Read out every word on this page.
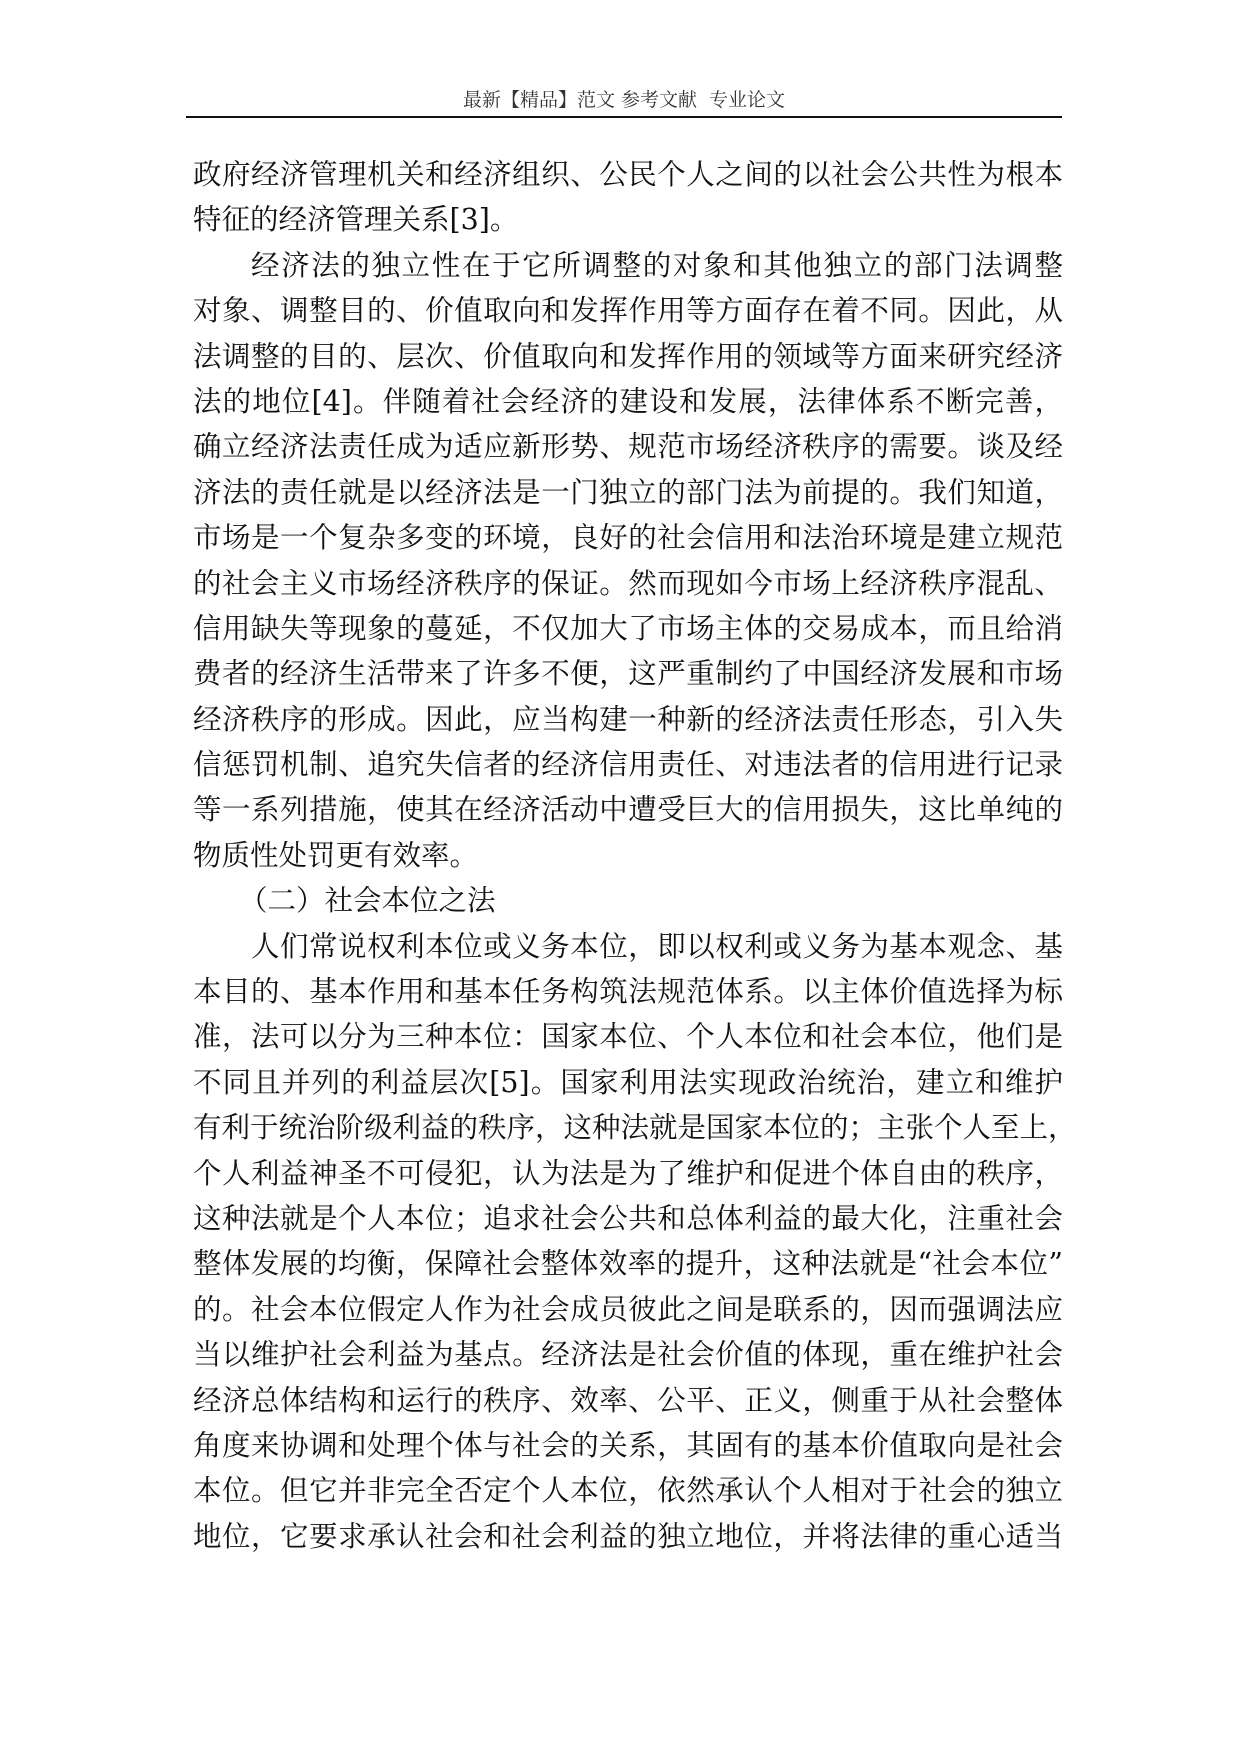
最新【精品】范文 参考文献  专业论文
政府经济管理机关和经济组织、公民个人之间的以社会公共性为根本
特征的经济管理关系[3]。
经济法的独立性在于它所调整的对象和其他独立的部门法调整
对象、调整目的、价值取向和发挥作用等方面存在着不同。因此，从
法调整的目的、层次、价值取向和发挥作用的领域等方面来研究经济
法的地位[4]。伴随着社会经济的建设和发展，法律体系不断完善，
确立经济法责任成为适应新形势、规范市场经济秩序的需要。谈及经
济法的责任就是以经济法是一门独立的部门法为前提的。我们知道，
市场是一个复杂多变的环境，良好的社会信用和法治环境是建立规范
的社会主义市场经济秩序的保证。然而现如今市场上经济秩序混乱、
信用缺失等现象的蔓延，不仅加大了市场主体的交易成本，而且给消
费者的经济生活带来了许多不便，这严重制约了中国经济发展和市场
经济秩序的形成。因此，应当构建一种新的经济法责任形态，引入失
信惩罚机制、追究失信者的经济信用责任、对违法者的信用进行记录
等一系列措施，使其在经济活动中遭受巨大的信用损失，这比单纯的
物质性处罚更有效率。
（二）社会本位之法
人们常说权利本位或义务本位，即以权利或义务为基本观念、基
本目的、基本作用和基本任务构筑法规范体系。以主体价值选择为标
准，法可以分为三种本位：国家本位、个人本位和社会本位，他们是
不同且并列的利益层次[5]。国家利用法实现政治统治，建立和维护
有利于统治阶级利益的秩序，这种法就是国家本位的；主张个人至上，
个人利益神圣不可侵犯，认为法是为了维护和促进个体自由的秩序，
这种法就是个人本位；追求社会公共和总体利益的最大化，注重社会
整体发展的均衡，保障社会整体效率的提升，这种法就是“社会本位”
的。社会本位假定人作为社会成员彼此之间是联系的，因而强调法应
当以维护社会利益为基点。经济法是社会价值的体现，重在维护社会
经济总体结构和运行的秩序、效率、公平、正义，侧重于从社会整体
角度来协调和处理个体与社会的关系，其固有的基本价值取向是社会
本位。但它并非完全否定个人本位，依然承认个人相对于社会的独立
地位，它要求承认社会和社会利益的独立地位，并将法律的重心适当
